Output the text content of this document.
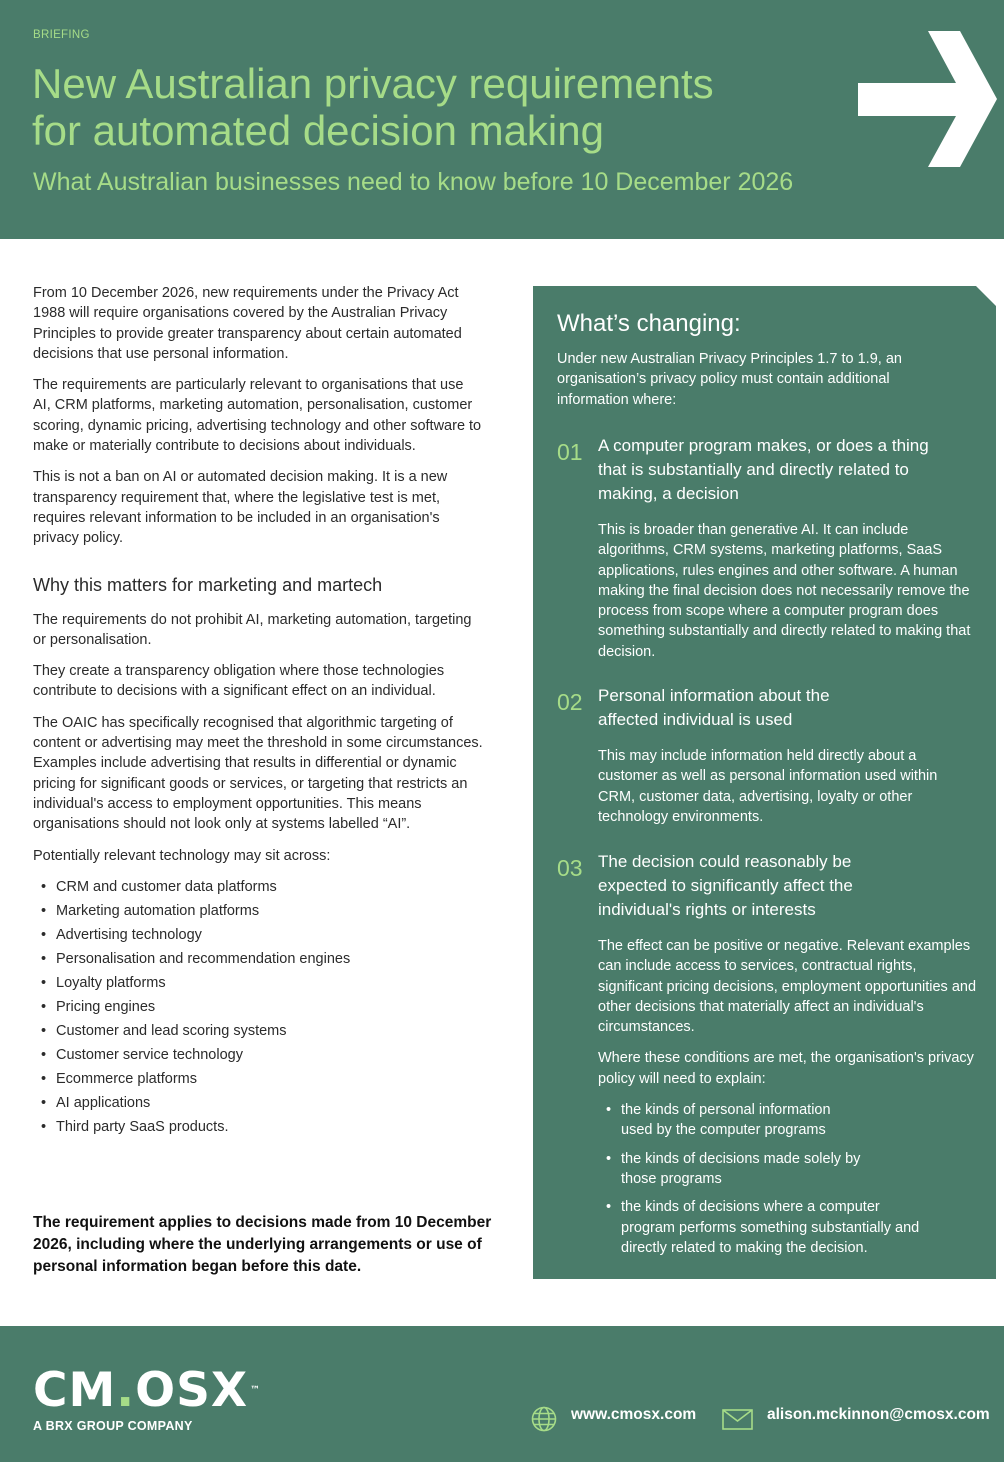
BRIEFING
New Australian privacy requirements
for automated decision making
What Australian businesses need to know before 10 December 2026

From 10 December 2026, new requirements under the Privacy Act 1988 will require organisations covered by the Australian Privacy Principles to provide greater transparency about certain automated decisions that use personal information.

The requirements are particularly relevant to organisations that use AI, CRM platforms, marketing automation, personalisation, customer scoring, dynamic pricing, advertising technology and other software to make or materially contribute to decisions about individuals.

This is not a ban on AI or automated decision making. It is a new transparency requirement that, where the legislative test is met, requires relevant information to be included in an organisation's privacy policy.

Why this matters for marketing and martech

The requirements do not prohibit AI, marketing automation, targeting or personalisation.

They create a transparency obligation where those technologies contribute to decisions with a significant effect on an individual.

The OAIC has specifically recognised that algorithmic targeting of content or advertising may meet the threshold in some circumstances. Examples include advertising that results in differential or dynamic pricing for significant goods or services, or targeting that restricts an individual's access to employment opportunities. This means organisations should not look only at systems labelled “AI”.

Potentially relevant technology may sit across:

• CRM and customer data platforms
• Marketing automation platforms
• Advertising technology
• Personalisation and recommendation engines
• Loyalty platforms
• Pricing engines
• Customer and lead scoring systems
• Customer service technology
• Ecommerce platforms
• AI applications
• Third party SaaS products.
The requirement applies to decisions made from 10 December 2026, including where the underlying arrangements or use of personal information began before this date.
What’s changing:
Under new Australian Privacy Principles 1.7 to 1.9, an organisation’s privacy policy must contain additional information where:
01 A computer program makes, or does a thing that is substantially and directly related to making, a decision

This is broader than generative AI. It can include algorithms, CRM systems, marketing platforms, SaaS applications, rules engines and other software. A human making the final decision does not necessarily remove the process from scope where a computer program does something substantially and directly related to making that decision.

02 Personal information about the affected individual is used

This may include information held directly about a customer as well as personal information used within CRM, customer data, advertising, loyalty or other technology environments.

03 The decision could reasonably be expected to significantly affect the individual's rights or interests

The effect can be positive or negative. Relevant examples can include access to services, contractual rights, significant pricing decisions, employment opportunities and other decisions that materially affect an individual's circumstances.

Where these conditions are met, the organisation's privacy policy will need to explain:

• the kinds of personal information used by the computer programs
• the kinds of decisions made solely by those programs
• the kinds of decisions where a computer program performs something substantially and directly related to making the decision.
CM.OSX ™
A BRX GROUP COMPANY
www.cmosx.com	alison.mckinnon@cmosx.com
